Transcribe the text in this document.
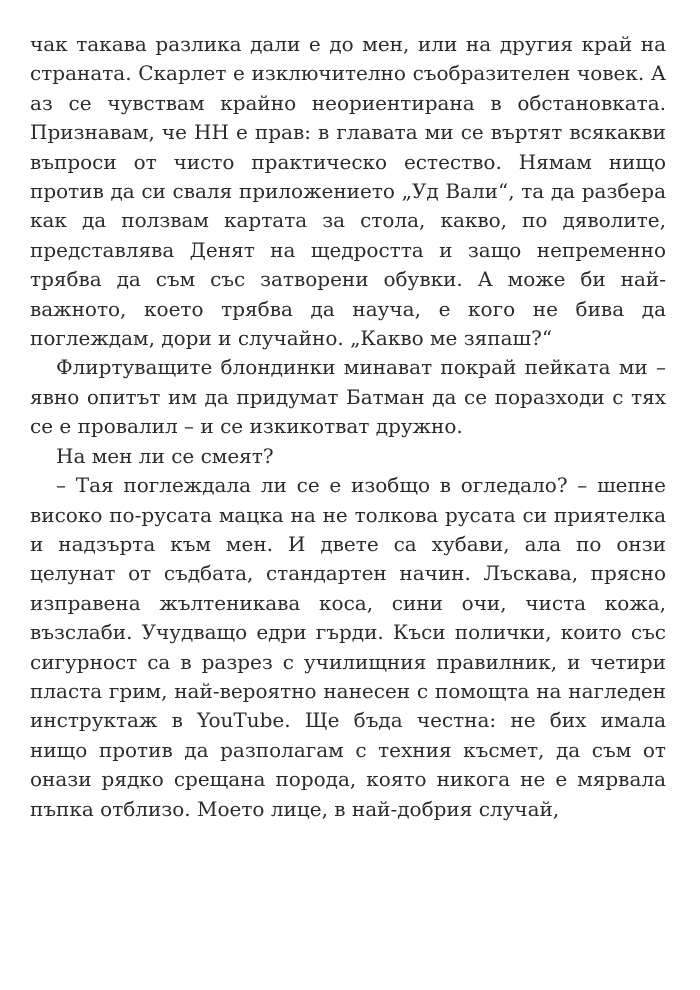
чак такава разлика дали е до мен, или на другия край на страната. Скарлет е изключително съобразителен човек. А аз се чувствам крайно неориентирана в обстановката. Признавам, че НН е прав: в главата ми се въртят всякакви въпроси от чисто практическо естество. Нямам нищо против да си сваля приложението „Уд Вали“, та да разбера как да ползвам картата за стола, какво, по дяволите, представлява Денят на щедростта и защо непременно трябва да съм със затворени обувки. А може би най-важното, което трябва да науча, е кого не бива да поглеждам, дори и случайно. „Какво ме зяпаш?“

Флиртуващите блондинки минават покрай пейката ми – явно опитът им да придумат Батман да се поразходи с тях се е провалил – и се изкикотват дружно.

На мен ли се смеят?

– Тая поглеждала ли се е изобщо в огледало? – шепне високо по-русата мацка на не толкова русата си приятелка и надзърта към мен. И двете са хубави, ала по онзи целунат от съдбата, стандартен начин. Лъскава, прясно изправена жълтеникава коса, сини очи, чиста кожа, възслаби. Учудващо едри гърди. Къси полички, които със сигурност са в разрез с училищния правилник, и четири пласта грим, най-вероятно нанесен с помощта на нагледен инструктаж в YouTube. Ще бъда честна: не бих имала нищо против да разполагам с техния късмет, да съм от онази рядко срещана порода, която никога не е мярвала пъпка отблизо. Моето лице, в най-добрия случай,
